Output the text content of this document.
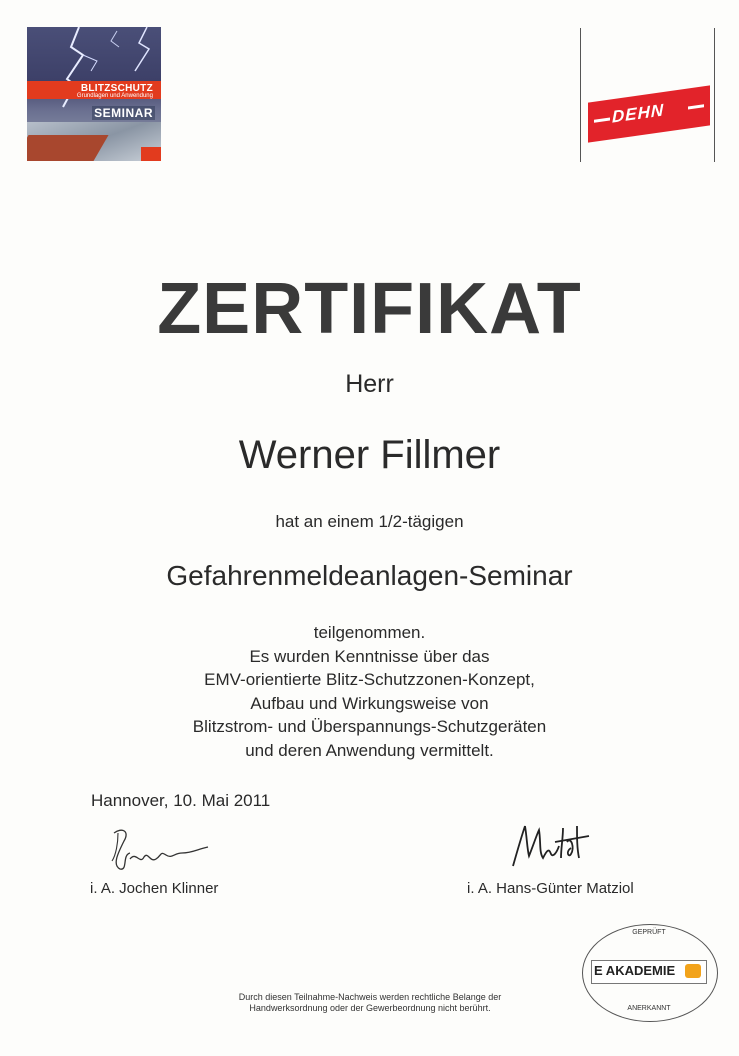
BLITZSCHUTZ
Grundlagen und Anwendung
SEMINAR	DEHN
ZERTIFIKAT
Herr
Werner Fillmer
hat an einem 1/2-tägigen
Gefahrenmeldeanlagen-Seminar
teilgenommen.
Es wurden Kenntnisse über das
EMV-orientierte Blitz-Schutzzonen-Konzept,
Aufbau und Wirkungsweise von
Blitzstrom- und Überspannungs-Schutzgeräten
und deren Anwendung vermittelt.
Hannover, 10. Mai 2011
i. A. Jochen Klinner	i. A. Hans-Günter Matziol
Durch diesen Teilnahme-Nachweis werden rechtliche Belange der
Handwerksordnung oder der Gewerbeordnung nicht berührt.
GEPRÜFT
E AKADEMIE
ANERKANNT
